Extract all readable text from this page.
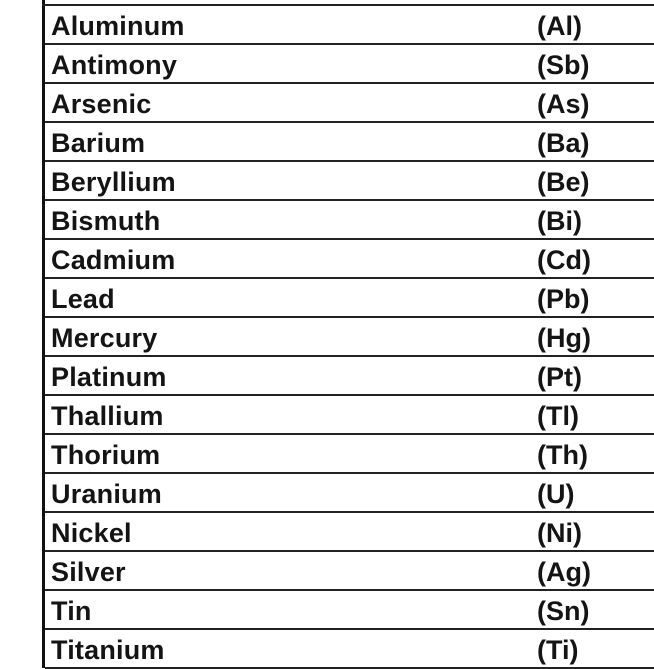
Aluminum	(Al)
Antimony	(Sb)
Arsenic	(As)
Barium	(Ba)
Beryllium	(Be)
Bismuth	(Bi)
Cadmium	(Cd)
Lead	(Pb)
Mercury	(Hg)
Platinum	(Pt)
Thallium	(Tl)
Thorium	(Th)
Uranium	(U)
Nickel	(Ni)
Silver	(Ag)
Tin	(Sn)
Titanium	(Ti)
